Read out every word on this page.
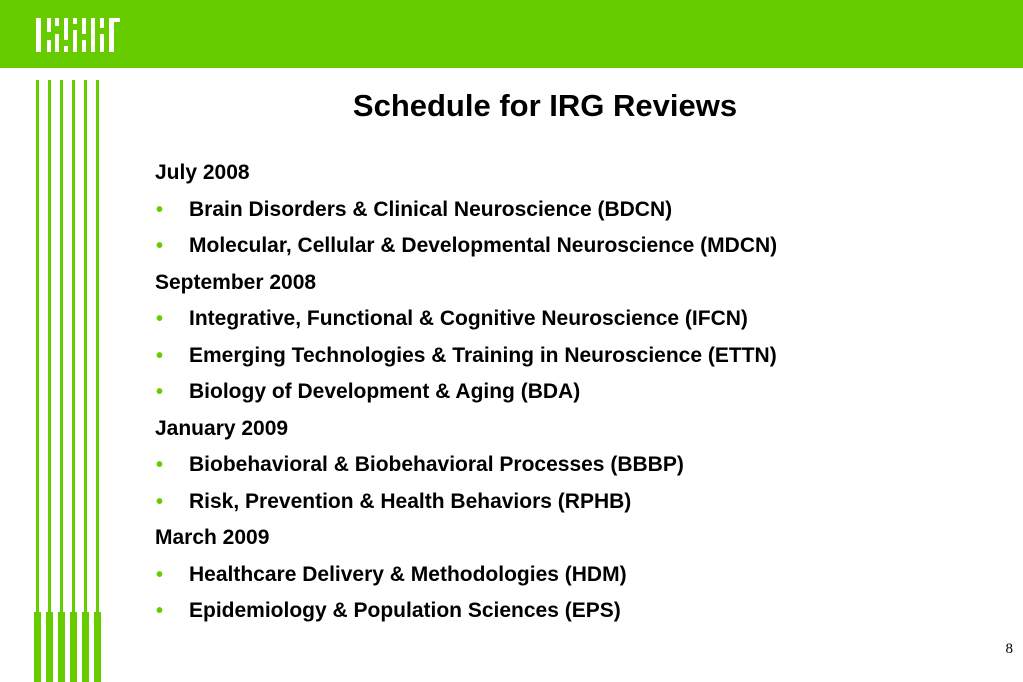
Schedule for IRG Reviews
July 2008
• Brain Disorders & Clinical Neuroscience (BDCN)
• Molecular, Cellular & Developmental Neuroscience (MDCN)
September 2008
• Integrative, Functional & Cognitive Neuroscience (IFCN)
• Emerging Technologies & Training in Neuroscience (ETTN)
• Biology of Development & Aging (BDA)
January 2009
• Biobehavioral & Biobehavioral Processes (BBBP)
• Risk, Prevention & Health Behaviors (RPHB)
March 2009
• Healthcare Delivery & Methodologies (HDM)
• Epidemiology & Population Sciences (EPS)
8
